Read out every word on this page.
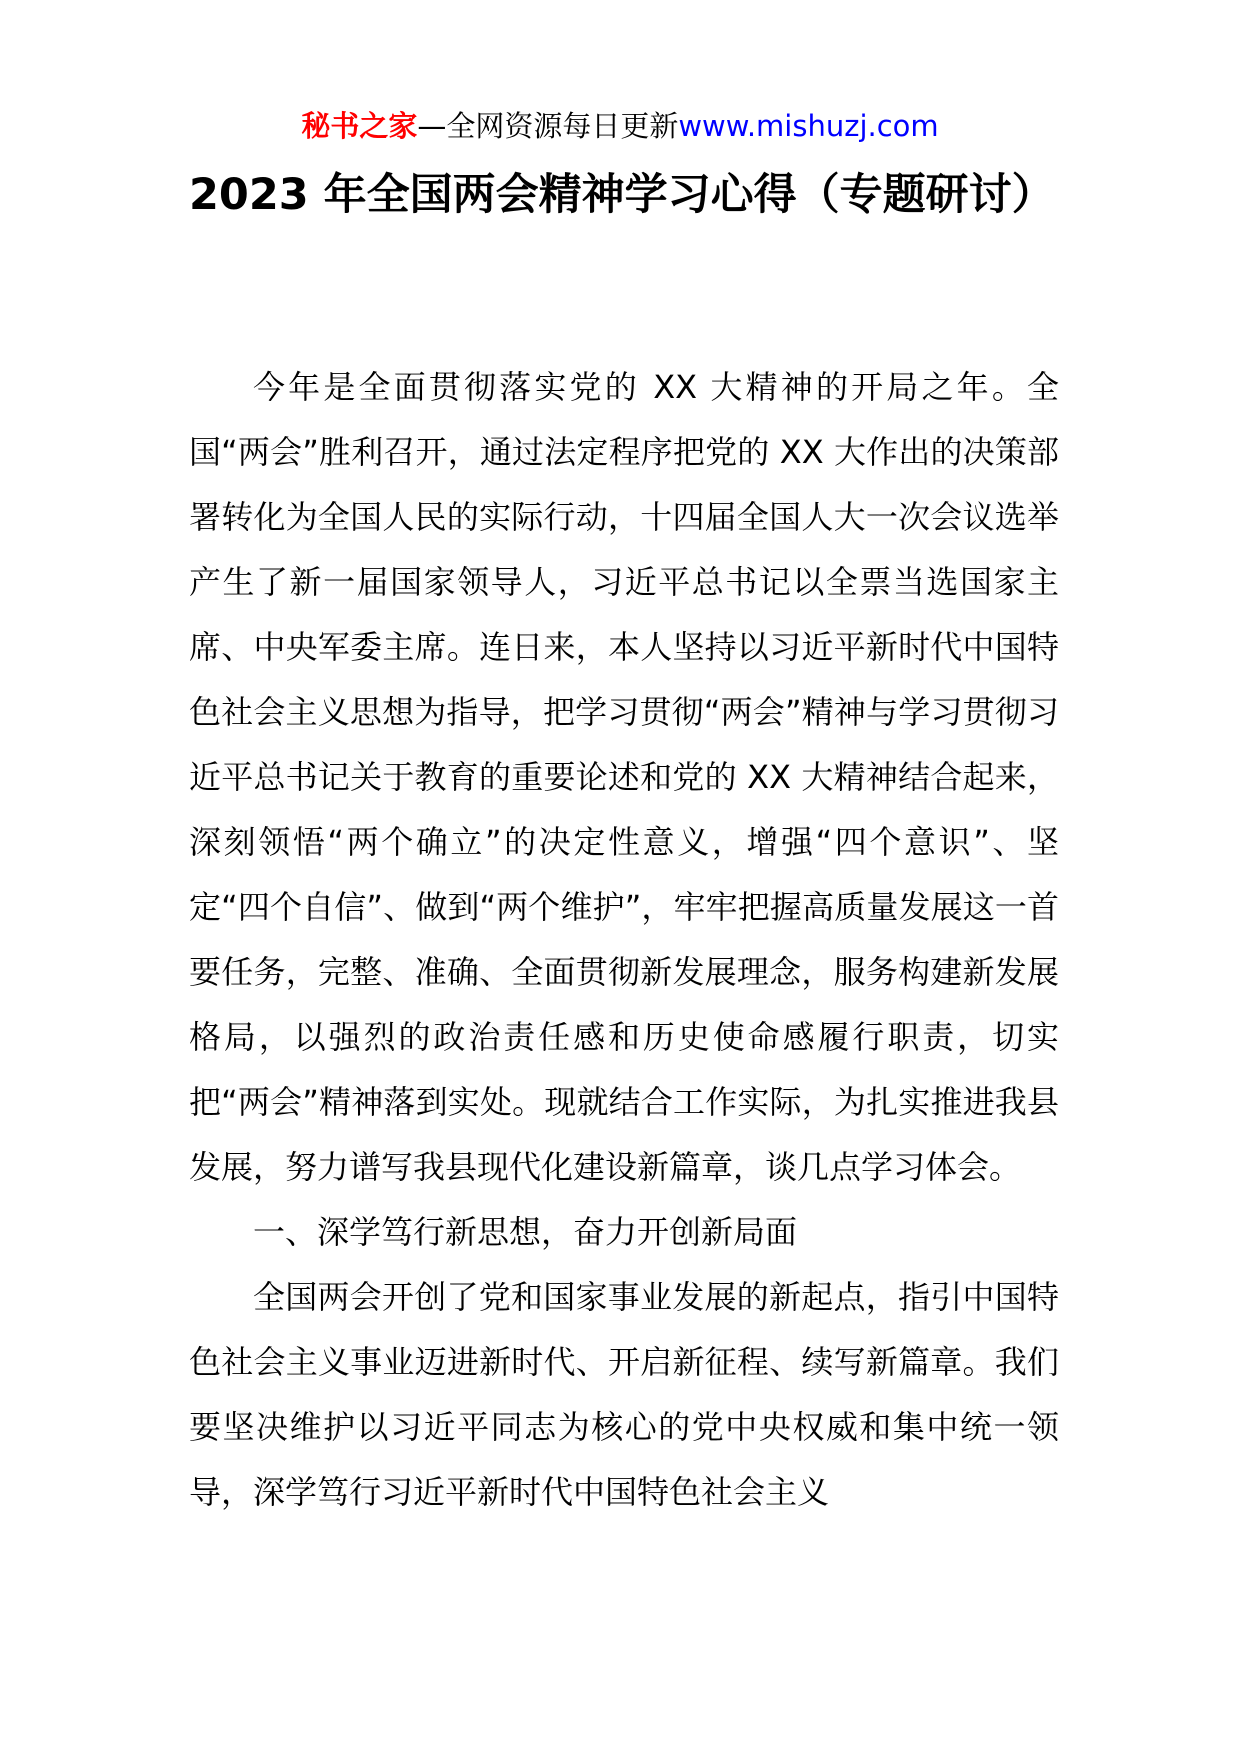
秘书之家—全网资源每日更新www.mishuzj.com
2023 年全国两会精神学习心得（专题研讨）

今年是全面贯彻落实党的 XX 大精神的开局之年。全国“两会”胜利召开，通过法定程序把党的 XX 大作出的决策部署转化为全国人民的实际行动，十四届全国人大一次会议选举产生了新一届国家领导人，习近平总书记以全票当选国家主席、中央军委主席。连日来，本人坚持以习近平新时代中国特色社会主义思想为指导，把学习贯彻“两会”精神与学习贯彻习近平总书记关于教育的重要论述和党的 XX 大精神结合起来，深刻领悟“两个确立”的决定性意义，增强“四个意识”、坚定“四个自信”、做到“两个维护”，牢牢把握高质量发展这一首要任务，完整、准确、全面贯彻新发展理念，服务构建新发展格局，以强烈的政治责任感和历史使命感履行职责，切实把“两会”精神落到实处。现就结合工作实际，为扎实推进我县发展，努力谱写我县现代化建设新篇章，谈几点学习体会。

一、深学笃行新思想，奋力开创新局面

全国两会开创了党和国家事业发展的新起点，指引中国特色社会主义事业迈进新时代、开启新征程、续写新篇章。我们要坚决维护以习近平同志为核心的党中央权威和集中统一领导，深学笃行习近平新时代中国特色社会主义
